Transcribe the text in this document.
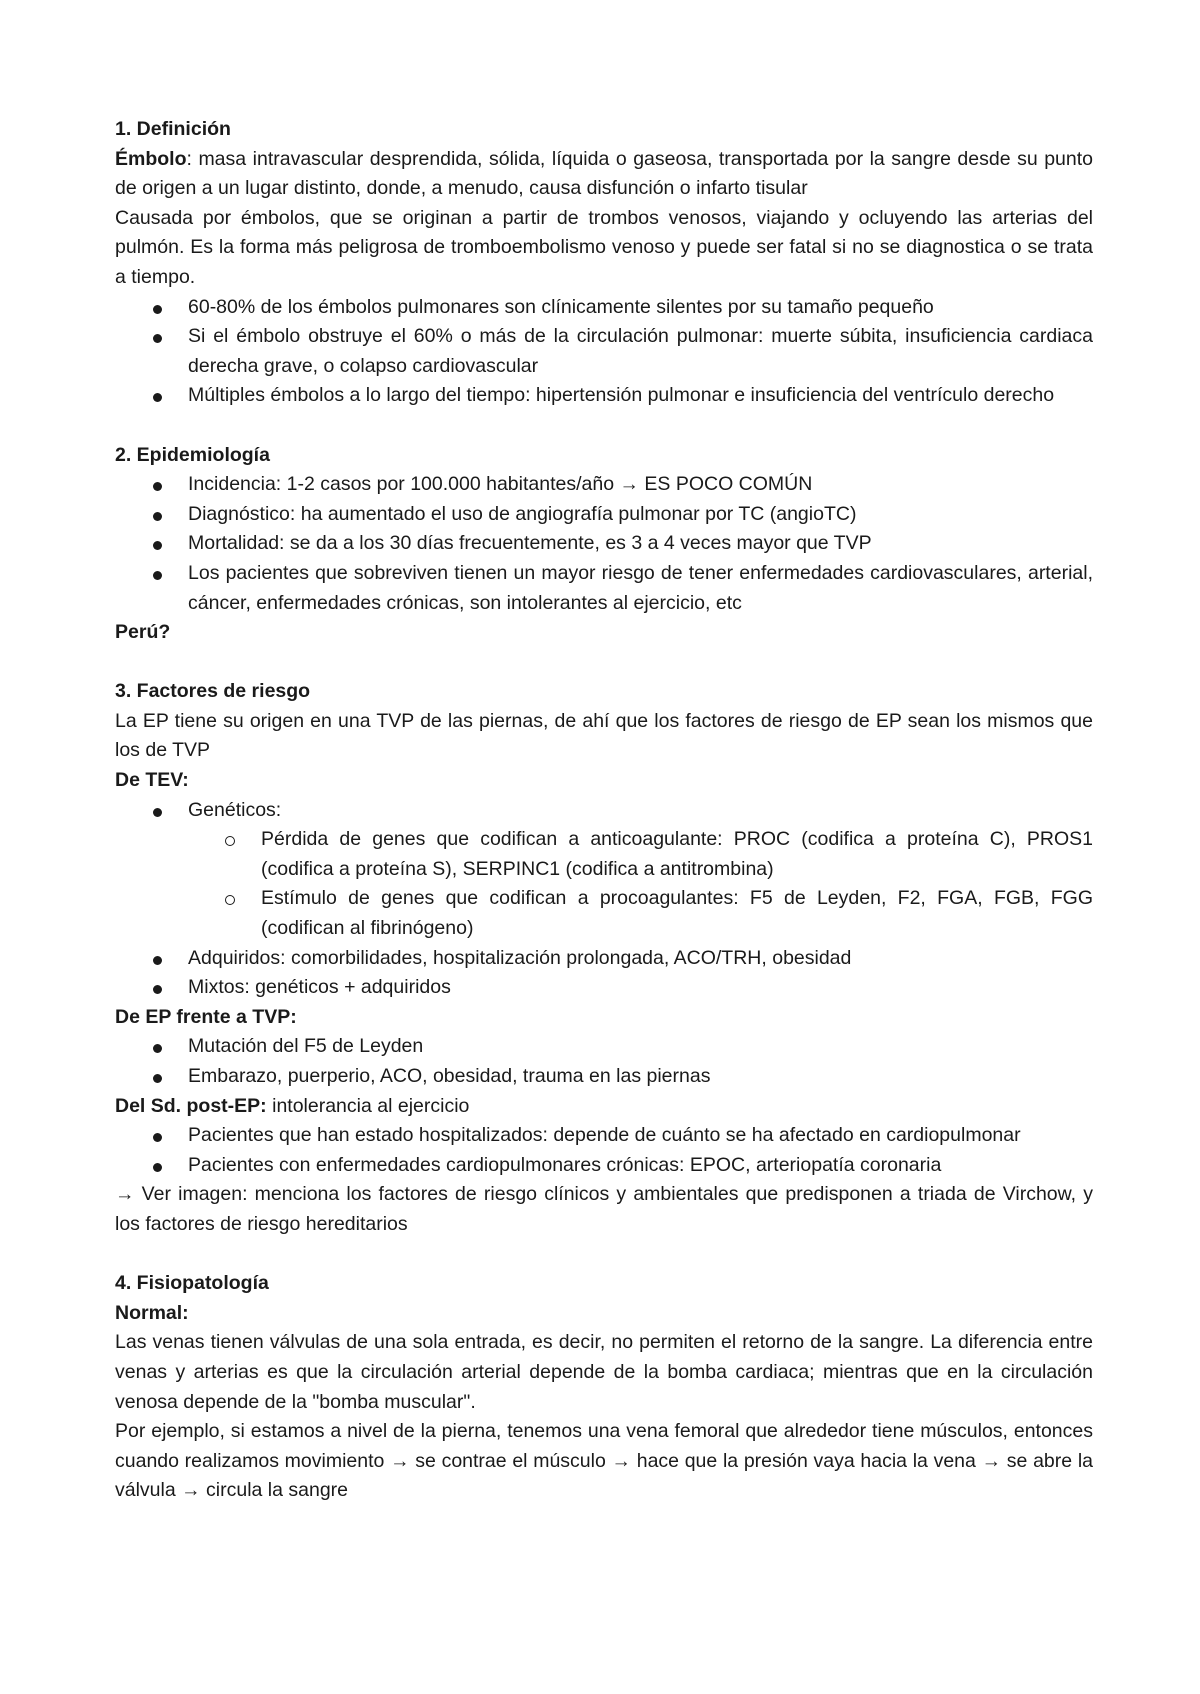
1. Definición

Émbolo: masa intravascular desprendida, sólida, líquida o gaseosa, transportada por la sangre desde su punto de origen a un lugar distinto, donde, a menudo, causa disfunción o infarto tisular

Causada por émbolos, que se originan a partir de trombos venosos, viajando y ocluyendo las arterias del pulmón. Es la forma más peligrosa de tromboembolismo venoso y puede ser fatal si no se diagnostica o se trata a tiempo.

60-80% de los émbolos pulmonares son clínicamente silentes por su tamaño pequeño
Si el émbolo obstruye el 60% o más de la circulación pulmonar: muerte súbita, insuficiencia cardiaca derecha grave, o colapso cardiovascular
Múltiples émbolos a lo largo del tiempo: hipertensión pulmonar e insuficiencia del ventrículo derecho

2. Epidemiología

Incidencia: 1-2 casos por 100.000 habitantes/año → ES POCO COMÚN
Diagnóstico: ha aumentado el uso de angiografía pulmonar por TC (angioTC)
Mortalidad: se da a los 30 días frecuentemente, es 3 a 4 veces mayor que TVP
Los pacientes que sobreviven tienen un mayor riesgo de tener enfermedades cardiovasculares, arterial, cáncer, enfermedades crónicas, son intolerantes al ejercicio, etc

Perú?

3. Factores de riesgo

La EP tiene su origen en una TVP de las piernas, de ahí que los factores de riesgo de EP sean los mismos que los de TVP

De TEV:

Genéticos:
Pérdida de genes que codifican a anticoagulante: PROC (codifica a proteína C), PROS1 (codifica a proteína S), SERPINC1 (codifica a antitrombina)
Estímulo de genes que codifican a procoagulantes: F5 de Leyden, F2, FGA, FGB, FGG (codifican al fibrinógeno)
Adquiridos: comorbilidades, hospitalización prolongada, ACO/TRH, obesidad
Mixtos: genéticos + adquiridos

De EP frente a TVP:

Mutación del F5 de Leyden
Embarazo, puerperio, ACO, obesidad, trauma en las piernas

Del Sd. post-EP: intolerancia al ejercicio

Pacientes que han estado hospitalizados: depende de cuánto se ha afectado en cardiopulmonar
Pacientes con enfermedades cardiopulmonares crónicas: EPOC, arteriopatía coronaria

→ Ver imagen: menciona los factores de riesgo clínicos y ambientales que predisponen a triada de Virchow, y los factores de riesgo hereditarios

4. Fisiopatología

Normal:

Las venas tienen válvulas de una sola entrada, es decir, no permiten el retorno de la sangre. La diferencia entre venas y arterias es que la circulación arterial depende de la bomba cardiaca; mientras que en la circulación venosa depende de la "bomba muscular".

Por ejemplo, si estamos a nivel de la pierna, tenemos una vena femoral que alrededor tiene músculos, entonces cuando realizamos movimiento → se contrae el músculo → hace que la presión vaya hacia la vena → se abre la válvula → circula la sangre
